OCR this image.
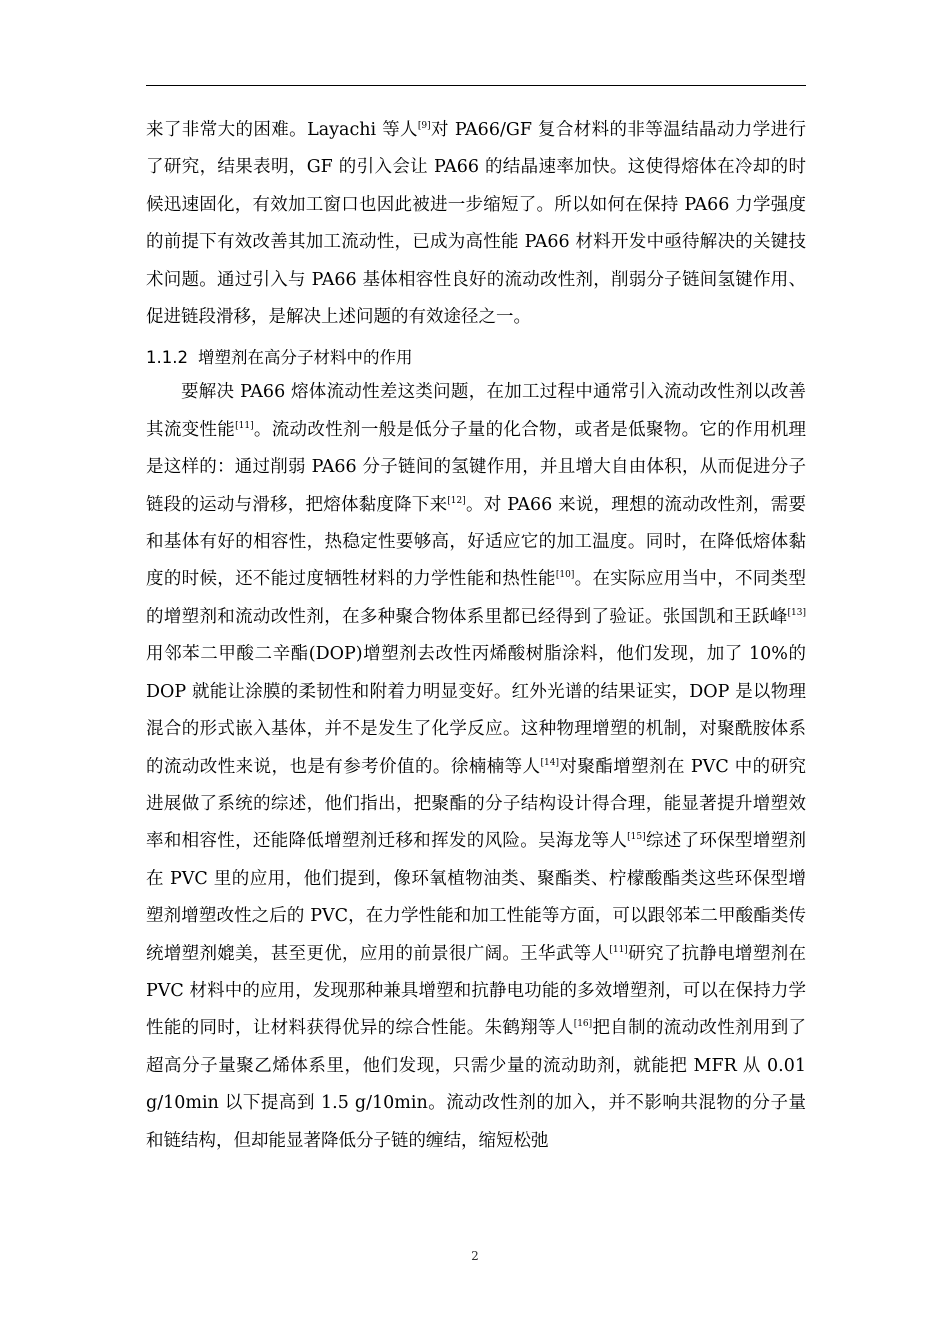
来了非常大的困难。Layachi 等人[9]对 PA66/GF 复合材料的非等温结晶动力学进行了研究，结果表明，GF 的引入会让 PA66 的结晶速率加快。这使得熔体在冷却的时候迅速固化，有效加工窗口也因此被进一步缩短了。所以如何在保持 PA66 力学强度的前提下有效改善其加工流动性，已成为高性能 PA66 材料开发中亟待解决的关键技术问题。通过引入与 PA66 基体相容性良好的流动改性剂，削弱分子链间氢键作用、促进链段滑移，是解决上述问题的有效途径之一。

1.1.2 增塑剂在高分子材料中的作用

要解决 PA66 熔体流动性差这类问题，在加工过程中通常引入流动改性剂以改善其流变性能[11]。流动改性剂一般是低分子量的化合物，或者是低聚物。它的作用机理是这样的：通过削弱 PA66 分子链间的氢键作用，并且增大自由体积，从而促进分子链段的运动与滑移，把熔体黏度降下来[12]。对 PA66 来说，理想的流动改性剂，需要和基体有好的相容性，热稳定性要够高，好适应它的加工温度。同时，在降低熔体黏度的时候，还不能过度牺牲材料的力学性能和热性能[10]。在实际应用当中，不同类型的增塑剂和流动改性剂，在多种聚合物体系里都已经得到了验证。张国凯和王跃峰[13]用邻苯二甲酸二辛酯(DOP)增塑剂去改性丙烯酸树脂涂料，他们发现，加了 10%的 DOP 就能让涂膜的柔韧性和附着力明显变好。红外光谱的结果证实，DOP 是以物理混合的形式嵌入基体，并不是发生了化学反应。这种物理增塑的机制，对聚酰胺体系的流动改性来说，也是有参考价值的。徐楠楠等人[14]对聚酯增塑剂在 PVC 中的研究进展做了系统的综述，他们指出，把聚酯的分子结构设计得合理，能显著提升增塑效率和相容性，还能降低增塑剂迁移和挥发的风险。吴海龙等人[15]综述了环保型增塑剂在 PVC 里的应用，他们提到，像环氧植物油类、聚酯类、柠檬酸酯类这些环保型增塑剂增塑改性之后的 PVC，在力学性能和加工性能等方面，可以跟邻苯二甲酸酯类传统增塑剂媲美，甚至更优，应用的前景很广阔。王华武等人[11]研究了抗静电增塑剂在 PVC 材料中的应用，发现那种兼具增塑和抗静电功能的多效增塑剂，可以在保持力学性能的同时，让材料获得优异的综合性能。朱鹤翔等人[16]把自制的流动改性剂用到了超高分子量聚乙烯体系里，他们发现，只需少量的流动助剂，就能把 MFR 从 0.01 g/10min 以下提高到 1.5 g/10min。流动改性剂的加入，并不影响共混物的分子量和链结构，但却能显著降低分子链的缠结，缩短松弛

2
